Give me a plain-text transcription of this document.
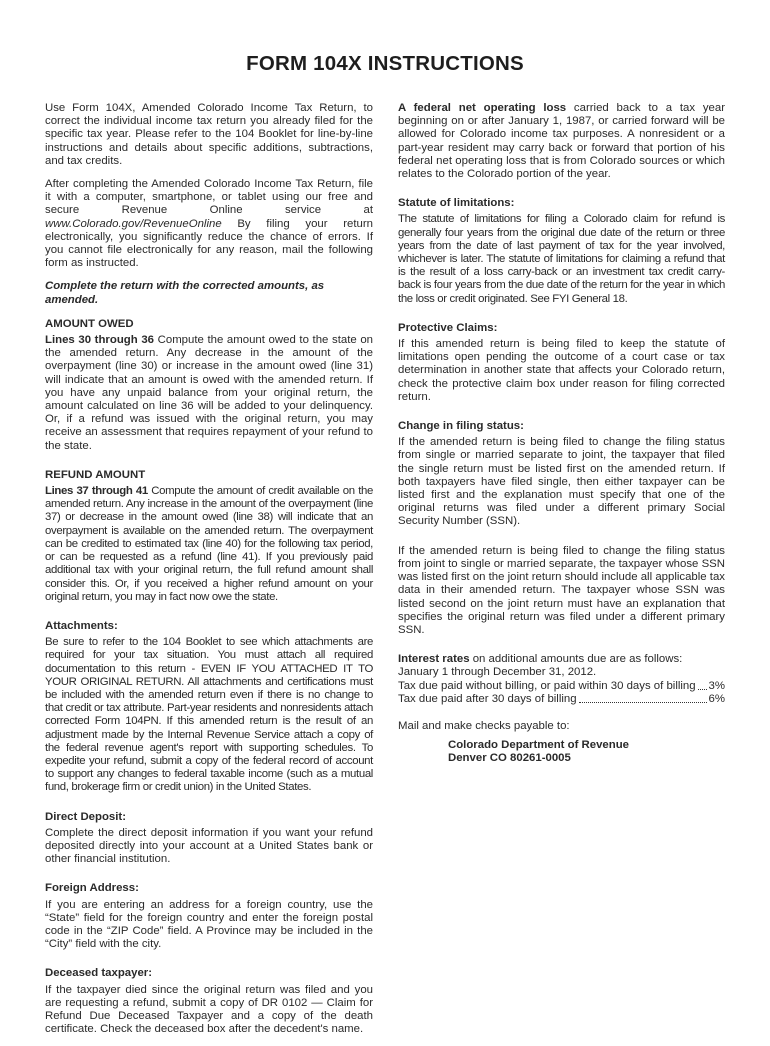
FORM 104X INSTRUCTIONS

Use Form 104X, Amended Colorado Income Tax Return, to correct the individual income tax return you already filed for the specific tax year. Please refer to the 104 Booklet for line-by-line instructions and details about specific additions, subtractions, and tax credits.

After completing the Amended Colorado Income Tax Return, file it with a computer, smartphone, or tablet using our free and secure Revenue Online service at www.Colorado.gov/RevenueOnline By filing your return electronically, you significantly reduce the chance of errors. If you cannot file electronically for any reason, mail the following form as instructed.

Complete the return with the corrected amounts, as amended.
AMOUNT OWED

Lines 30 through 36 Compute the amount owed to the state on the amended return. Any decrease in the amount of the overpayment (line 30) or increase in the amount owed (line 31) will indicate that an amount is owed with the amended return. If you have any unpaid balance from your original return, the amount calculated on line 36 will be added to your delinquency. Or, if a refund was issued with the original return, you may receive an assessment that requires repayment of your refund to the state.

REFUND AMOUNT

Lines 37 through 41 Compute the amount of credit available on the amended return. Any increase in the amount of the overpayment (line 37) or decrease in the amount owed (line 38) will indicate that an overpayment is available on the amended return. The overpayment can be credited to estimated tax (line 40) for the following tax period, or can be requested as a refund (line 41). If you previously paid additional tax with your original return, the full refund amount shall consider this. Or, if you received a higher refund amount on your original return, you may in fact now owe the state.

Attachments:

Be sure to refer to the 104 Booklet to see which attachments are required for your tax situation. You must attach all required documentation to this return - EVEN IF YOU ATTACHED IT TO YOUR ORIGINAL RETURN. All attachments and certifications must be included with the amended return even if there is no change to that credit or tax attribute. Part-year residents and nonresidents attach corrected Form 104PN. If this amended return is the result of an adjustment made by the Internal Revenue Service attach a copy of the federal revenue agent's report with supporting schedules. To expedite your refund, submit a copy of the federal record of account to support any changes to federal taxable income (such as a mutual fund, brokerage firm or credit union) in the United States.

Direct Deposit:

Complete the direct deposit information if you want your refund deposited directly into your account at a United States bank or other financial institution.

Foreign Address:

If you are entering an address for a foreign country, use the “State” field for the foreign country and enter the foreign postal code in the “ZIP Code” field. A Province may be included in the “City” field with the city.

Deceased taxpayer:

If the taxpayer died since the original return was filed and you are requesting a refund, submit a copy of DR 0102 — Claim for Refund Due Deceased Taxpayer and a copy of the death certificate. Check the deceased box after the decedent's name.

A federal net operating loss carried back to a tax year beginning on or after January 1, 1987, or carried forward will be allowed for Colorado income tax purposes. A nonresident or a part-year resident may carry back or forward that portion of his federal net operating loss that is from Colorado sources or which relates to the Colorado portion of the year.

Statute of limitations:

The statute of limitations for filing a Colorado claim for refund is generally four years from the original due date of the return or three years from the date of last payment of tax for the year involved, whichever is later. The statute of limitations for claiming a refund that is the result of a loss carry-back or an investment tax credit carry-back is four years from the due date of the return for the year in which the loss or credit originated. See FYI General 18.

Protective Claims:

If this amended return is being filed to keep the statute of limitations open pending the outcome of a court case or tax determination in another state that affects your Colorado return, check the protective claim box under reason for filing corrected return.

Change in filing status:

If the amended return is being filed to change the filing status from single or married separate to joint, the taxpayer that filed the single return must be listed first on the amended return. If both taxpayers have filed single, then either taxpayer can be listed first and the explanation must specify that one of the original returns was filed under a different primary Social Security Number (SSN).

If the amended return is being filed to change the filing status from joint to single or married separate, the taxpayer whose SSN was listed first on the joint return should include all applicable tax data in their amended return. The taxpayer whose SSN was listed second on the joint return must have an explanation that specifies the original return was filed under a different primary SSN.

Interest rates on additional amounts due are as follows:
January 1 through December 31, 2012.
Tax due paid without billing, or paid within 30 days of billing 3%
Tax due paid after 30 days of billing	6%
Mail and make checks payable to:
Colorado Department of Revenue
Denver CO 80261-0005
